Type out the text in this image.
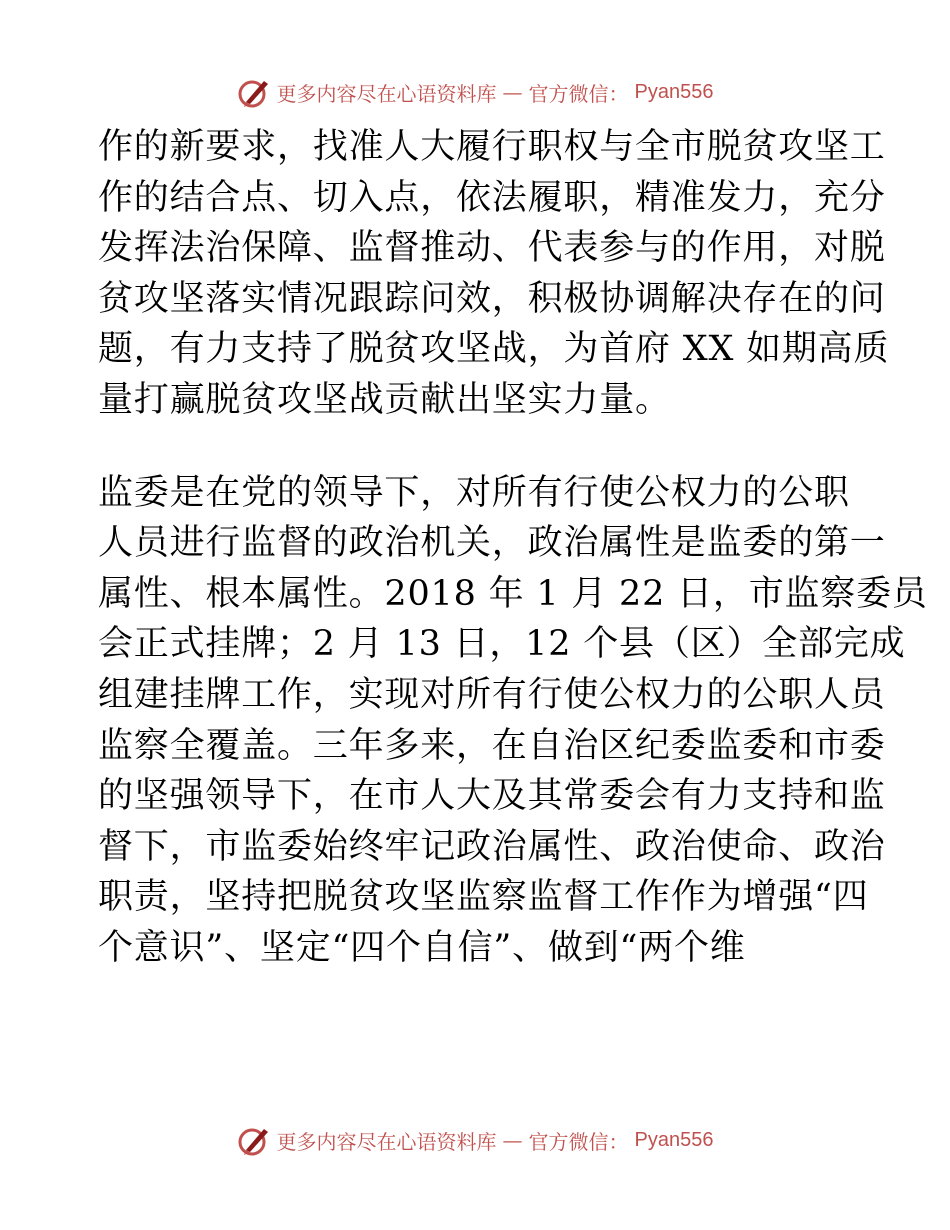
更多内容尽在心语资料库 — 官方微信： Pyan556

作的新要求，找准人大履行职权与全市脱贫攻坚工

作的结合点、切入点，依法履职，精准发力，充分

发挥法治保障、监督推动、代表参与的作用，对脱

贫攻坚落实情况跟踪问效，积极协调解决存在的问

题，有力支持了脱贫攻坚战，为首府 XX 如期高质

量打赢脱贫攻坚战贡献出坚实力量。

监委是在党的领导下，对所有行使公权力的公职

人员进行监督的政治机关，政治属性是监委的第一

属性、根本属性。2018 年 1 月 22 日，市监察委员

会正式挂牌；2 月 13 日，12 个县（区）全部完成

组建挂牌工作，实现对所有行使公权力的公职人员

监察全覆盖。三年多来，在自治区纪委监委和市委

的坚强领导下，在市人大及其常委会有力支持和监

督下，市监委始终牢记政治属性、政治使命、政治

职责，坚持把脱贫攻坚监察监督工作作为增强“四

个意识”、坚定“四个自信”、做到“两个维

更多内容尽在心语资料库 — 官方微信： Pyan556
